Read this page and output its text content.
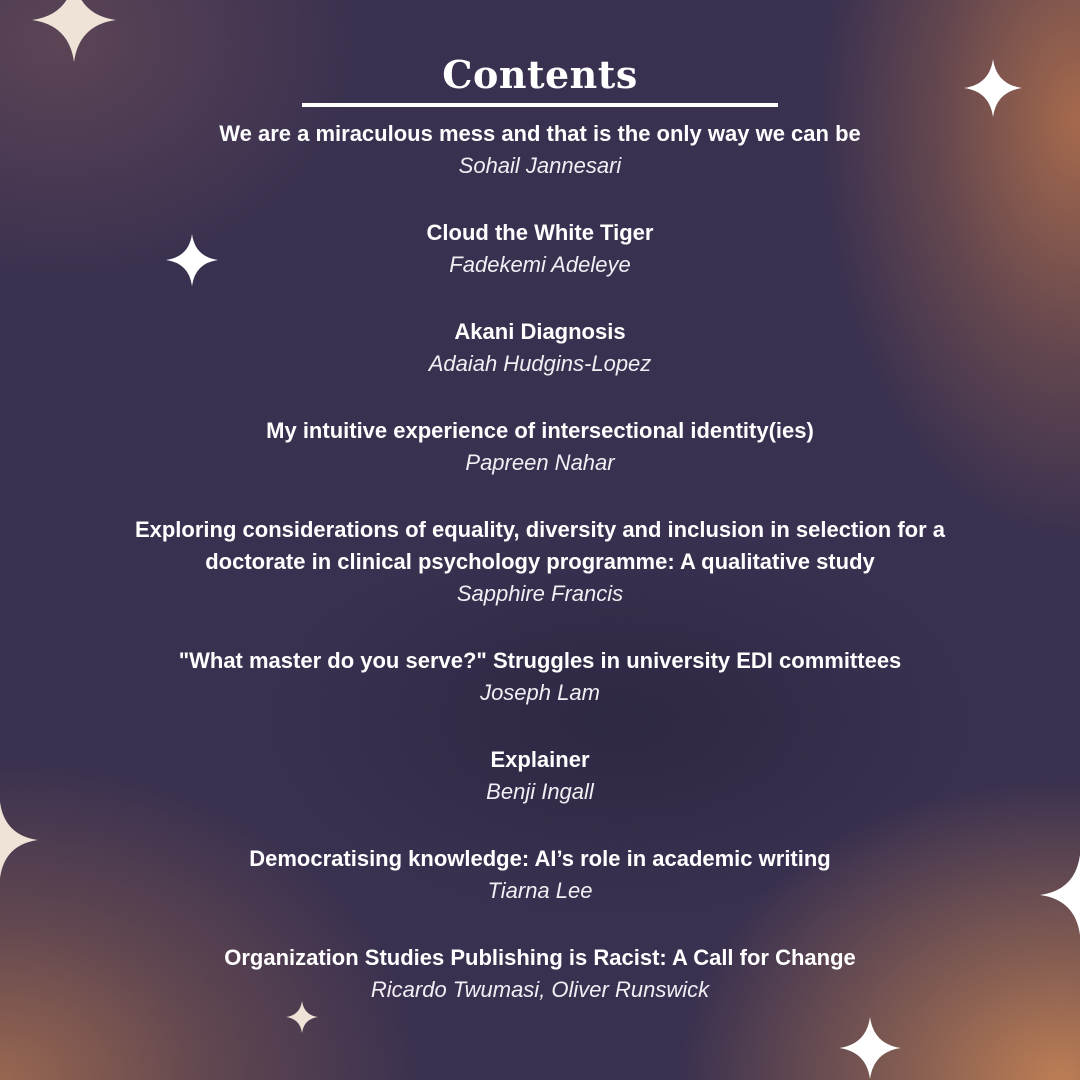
Contents
We are a miraculous mess and that is the only way we can be
Sohail Jannesari
Cloud the White Tiger
Fadekemi Adeleye
Akani Diagnosis
Adaiah Hudgins-Lopez
My intuitive experience of intersectional identity(ies)
Papreen Nahar
Exploring considerations of equality, diversity and inclusion in selection for a doctorate in clinical psychology programme: A qualitative study
Sapphire Francis
"What master do you serve?" Struggles in university EDI committees
Joseph Lam
Explainer
Benji Ingall
Democratising knowledge: AI’s role in academic writing
Tiarna Lee
Organization Studies Publishing is Racist: A Call for Change
Ricardo Twumasi, Oliver Runswick
